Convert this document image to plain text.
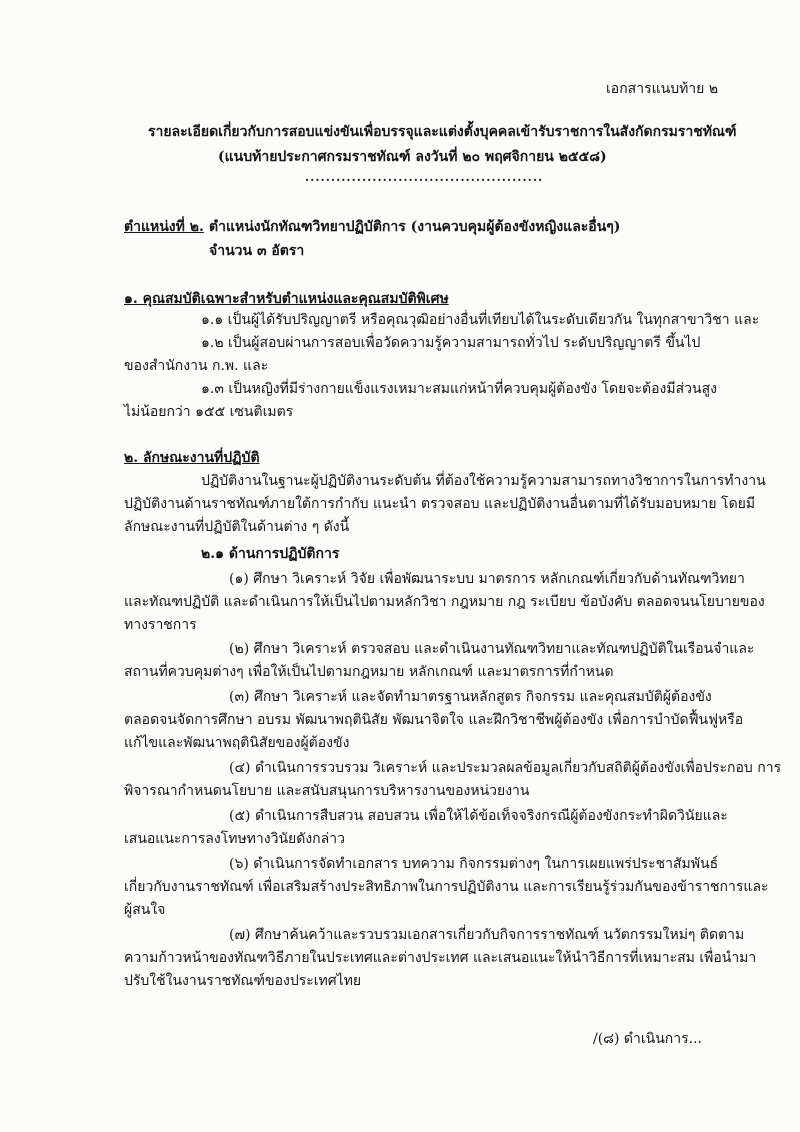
เอกสารแนบท้าย ๒
รายละเอียดเกี่ยวกับการสอบแข่งขันเพื่อบรรจุและแต่งตั้งบุคคลเข้ารับราชการในสังกัดกรมราชทัณฑ์
(แนบท้ายประกาศกรมราชทัณฑ์ ลงวันที่ ๒๐ พฤศจิกายน ๒๕๕๘)
..............................................
ตำแหน่งที่ ๒. ตำแหน่งนักทัณฑวิทยาปฏิบัติการ (งานควบคุมผู้ต้องขังหญิงและอื่นๆ)
จำนวน ๓ อัตรา
๑. คุณสมบัติเฉพาะสำหรับตำแหน่งและคุณสมบัติพิเศษ
๑.๑ เป็นผู้ได้รับปริญญาตรี หรือคุณวุฒิอย่างอื่นที่เทียบได้ในระดับเดียวกัน ในทุกสาขาวิชา และ
๑.๒ เป็นผู้สอบผ่านการสอบเพื่อวัดความรู้ความสามารถทั่วไป ระดับปริญญาตรี ขึ้นไป
ของสำนักงาน ก.พ. และ
๑.๓ เป็นหญิงที่มีร่างกายแข็งแรงเหมาะสมแก่หน้าที่ควบคุมผู้ต้องขัง โดยจะต้องมีส่วนสูง
ไม่น้อยกว่า ๑๕๕ เซนติเมตร
๒. ลักษณะงานที่ปฏิบัติ
ปฏิบัติงานในฐานะผู้ปฏิบัติงานระดับต้น ที่ต้องใช้ความรู้ความสามารถทางวิชาการในการทำงาน
ปฏิบัติงานด้านราชทัณฑ์ภายใต้การกำกับ แนะนำ ตรวจสอบ และปฏิบัติงานอื่นตามที่ได้รับมอบหมาย โดยมี
ลักษณะงานที่ปฏิบัติในด้านต่าง ๆ ดังนี้
๒.๑ ด้านการปฏิบัติการ
(๑) ศึกษา วิเคราะห์ วิจัย เพื่อพัฒนาระบบ มาตรการ หลักเกณฑ์เกี่ยวกับด้านทัณฑวิทยา
และทัณฑปฏิบัติ และดำเนินการให้เป็นไปตามหลักวิชา กฎหมาย กฎ ระเบียบ ข้อบังคับ ตลอดจนนโยบายของ
ทางราชการ
(๒) ศึกษา วิเคราะห์ ตรวจสอบ และดำเนินงานทัณฑวิทยาและทัณฑปฏิบัติในเรือนจำและ
สถานที่ควบคุมต่างๆ เพื่อให้เป็นไปตามกฎหมาย หลักเกณฑ์ และมาตรการที่กำหนด
(๓) ศึกษา วิเคราะห์ และจัดทำมาตรฐานหลักสูตร กิจกรรม และคุณสมบัติผู้ต้องขัง
ตลอดจนจัดการศึกษา อบรม พัฒนาพฤตินิสัย พัฒนาจิตใจ และฝึกวิชาชีพผู้ต้องขัง เพื่อการบำบัดฟื้นฟูหรือ
แก้ไขและพัฒนาพฤตินิสัยของผู้ต้องขัง
(๔) ดำเนินการรวบรวม วิเคราะห์ และประมวลผลข้อมูลเกี่ยวกับสถิติผู้ต้องขังเพื่อประกอบ การ
พิจารณากำหนดนโยบาย และสนับสนุนการบริหารงานของหน่วยงาน
(๕) ดำเนินการสืบสวน สอบสวน เพื่อให้ได้ข้อเท็จจริงกรณีผู้ต้องขังกระทำผิดวินัยและ
เสนอแนะการลงโทษทางวินัยดังกล่าว
(๖) ดำเนินการจัดทำเอกสาร บทความ กิจกรรมต่างๆ ในการเผยแพร่ประชาสัมพันธ์
เกี่ยวกับงานราชทัณฑ์ เพื่อเสริมสร้างประสิทธิภาพในการปฏิบัติงาน และการเรียนรู้ร่วมกันของข้าราชการและ
ผู้สนใจ
(๗) ศึกษาค้นคว้าและรวบรวมเอกสารเกี่ยวกับกิจการราชทัณฑ์ นวัตกรรมใหม่ๆ ติดตาม
ความก้าวหน้าของทัณฑวิธีภายในประเทศและต่างประเทศ และเสนอแนะให้นำวิธีการที่เหมาะสม เพื่อนำมา
ปรับใช้ในงานราชทัณฑ์ของประเทศไทย
/(๘) ดำเนินการ...
